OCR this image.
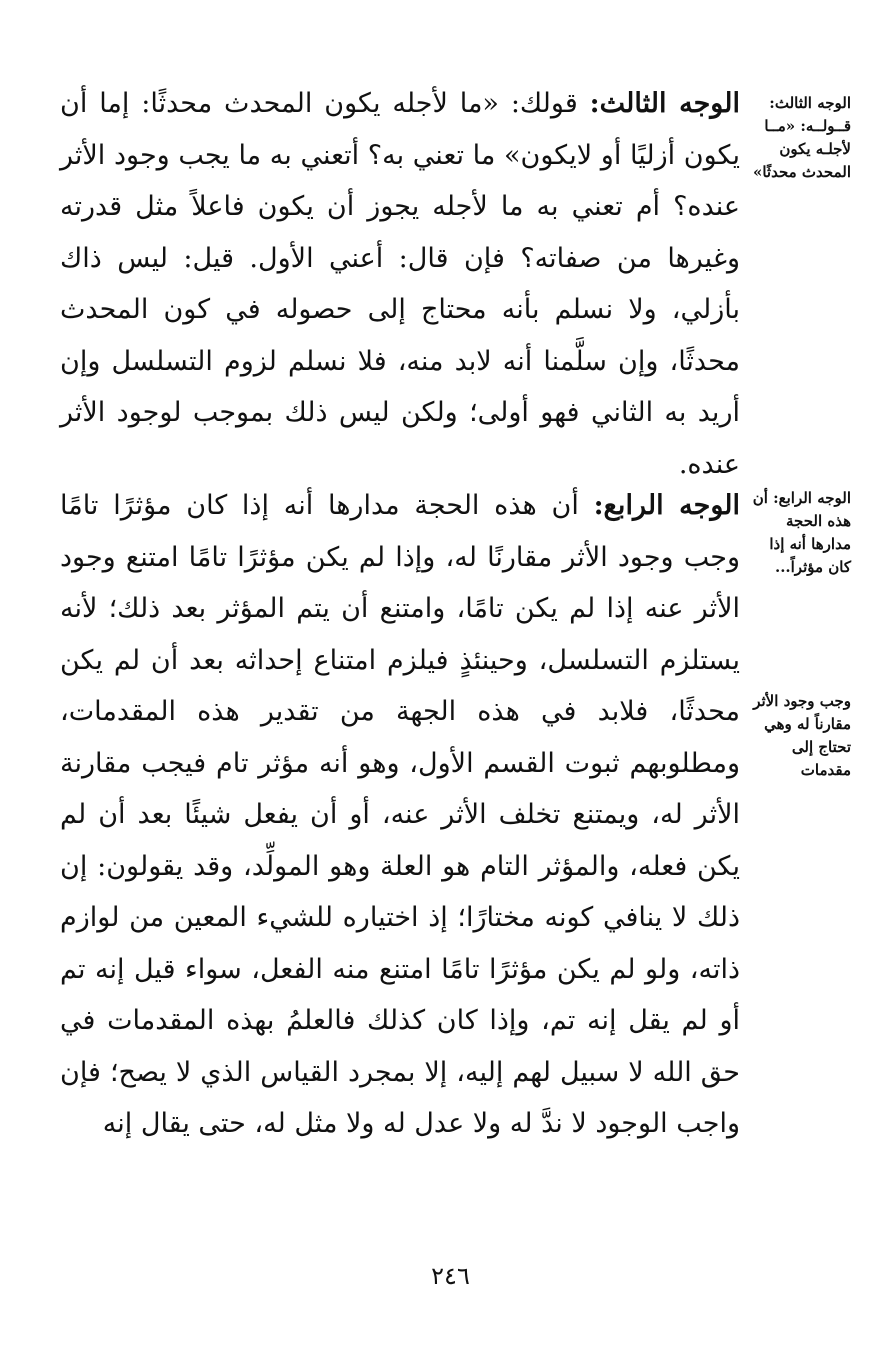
الوجه الثالث: قــولــه: «مــا لأجلـه يكون المحدث محدثًا»
الوجه الرابع: أن هذه الحجة مدارها أنه إذا كان مؤثراً...
وجب وجود الأثر مقارناً له وهي تحتاج إلى مقدمات
الوجه الثالث: قولك: «ما لأجله يكون المحدث محدثًا: إما أن يكون أزليًا أو لايكون» ما تعني به؟ أتعني به ما يجب وجود الأثر عنده؟ أم تعني به ما لأجله يجوز أن يكون فاعلاً مثل قدرته وغيرها من صفاته؟ فإن قال: أعني الأول. قيل: ليس ذاك بأزلي، ولا نسلم بأنه محتاج إلى حصوله في كون المحدث محدثًا، وإن سلَّمنا أنه لابد منه، فلا نسلم لزوم التسلسل وإن أريد به الثاني فهو أولى؛ ولكن ليس ذلك بموجب لوجود الأثر عنده.
الوجه الرابع: أن هذه الحجة مدارها أنه إذا كان مؤثرًا تامًا وجب وجود الأثر مقارنًا له، وإذا لم يكن مؤثرًا تامًا امتنع وجود الأثر عنه إذا لم يكن تامًا، وامتنع أن يتم المؤثر بعد ذلك؛ لأنه يستلزم التسلسل، وحينئذٍ فيلزم امتناع إحداثه بعد أن لم يكن محدثًا، فلابد في هذه الجهة من تقدير هذه المقدمات، ومطلوبهم ثبوت القسم الأول، وهو أنه مؤثر تام فيجب مقارنة الأثر له، ويمتنع تخلف الأثر عنه، أو أن يفعل شيئًا بعد أن لم يكن فعله، والمؤثر التام هو العلة وهو المولِّد، وقد يقولون: إن ذلك لا ينافي كونه مختارًا؛ إذ اختياره للشيء المعين من لوازم ذاته، ولو لم يكن مؤثرًا تامًا امتنع منه الفعل، سواء قيل إنه تم أو لم يقل إنه تم، وإذا كان كذلك فالعلمُ بهذه المقدمات في حق الله لا سبيل لهم إليه، إلا بمجرد القياس الذي لا يصح؛ فإن واجب الوجود لا ندَّ له ولا عدل له ولا مثل له، حتى يقال إنه
٢٤٦
